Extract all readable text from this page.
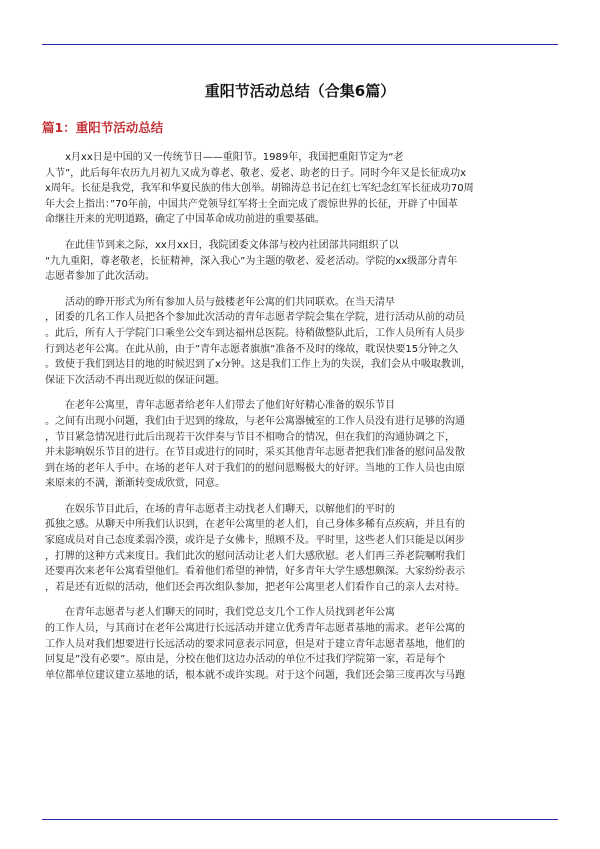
重阳节活动总结（合集6篇）
篇1：重阳节活动总结
　　x月xx日是中国的又一传统节日——重阳节。1989年，我国把重阳节定为“老
人节”，此后每年农历九月初九又成为尊老、敬老、爱老、助老的日子。同时今年又是长征成功x
x周年。长征是我党，我军和华夏民族的伟大创举。胡锦涛总书记在红七军纪念红军长征成功70周
年大会上指出：”70年前，中国共产党领导红军将士全面完成了震惊世界的长征，开辟了中国革
命继往开来的光明道路，确定了中国革命成功前进的重要基础。
　　在此佳节到来之际，xx月xx日，我院团委文体部与校内社团部共同组织了以
“九九重阳，尊老敬老，长征精神，深入我心”为主题的敬老、爱老活动。学院的xx级部分青年
志愿者参加了此次活动。
　　活动的睁开形式为所有参加人员与鼓楼老年公寓的们共同联欢。在当天清早
，团委的几名工作人员把各个参加此次活动的青年志愿者学院会集在学院，进行活动从前的动员
。此后，所有人于学院门口乘坐公交车到达福州总医院。待稍做整队此后，工作人员所有人员步
行到达老年公寓。在此从前，由于”青年志愿者旗旗”准备不及时的缘故，耽误快要15分钟之久
。致使于我们到达目的地的时候迟到了x分钟。这是我们工作上为的失误，我们会从中吸取教训，
保证下次活动不再出现近似的保证问题。
　　在老年公寓里，青年志愿者给老年人们带去了他们好好精心准备的娱乐节目
。之间有出现小问题，我们由于迟到的缘故，与老年公寓器械室的工作人员没有进行足够的沟通
，节目紧急情况进行此后出现若干次伴奏与节目不相吻合的情况，但在我们的沟通协调之下，
并未影响娱乐节目的进行。在节目或进行的同时，采买其他青年志愿者把我们准备的慰问品发散
到在场的老年人手中。在场的老年人对于我们的的慰问恩赐极大的好评。当地的工作人员也由原
来原来的不满，渐渐转变成欣赏，同意。
　　在娱乐节目此后，在场的青年志愿者主动找老人们聊天，以解他们的平时的
孤独之感。从聊天中所我们认识到，在老年公寓里的老人们，自己身体多稀有点疾病，并且有的
家庭成员对自己态度柔弱冷漠，或许是子女佛卡，照顾不及。平时里，这些老人们只能是以闲步
，打牌的这种方式来度日。我们此次的慰问活动让老人们大感欣慰。老人们再三养老院嘱咐我们
还要再次来老年公寓看望他们。看着他们希望的神情，好多青年大学生感想颇深。大家纷纷表示
，若是还有近似的活动，他们还会再次组队参加，把老年公寓里老人们看作自己的亲人去对待。
　　在青年志愿者与老人们聊天的同时，我们党总支几个工作人员找到老年公寓
的工作人员，与其商讨在老年公寓进行长远活动并建立优秀青年志愿者基地的需求。老年公寓的
工作人员对我们想要进行长远活动的要求同意表示同意，但是对于建立青年志愿者基地，他们的
回复是”没有必要”。原由是，分校在他们这边办活动的单位不过我们学院第一家，若是每个
单位都单位建议建立基地的话，根本就不或许实现。对于这个问题，我们还会第三度再次与马跑
